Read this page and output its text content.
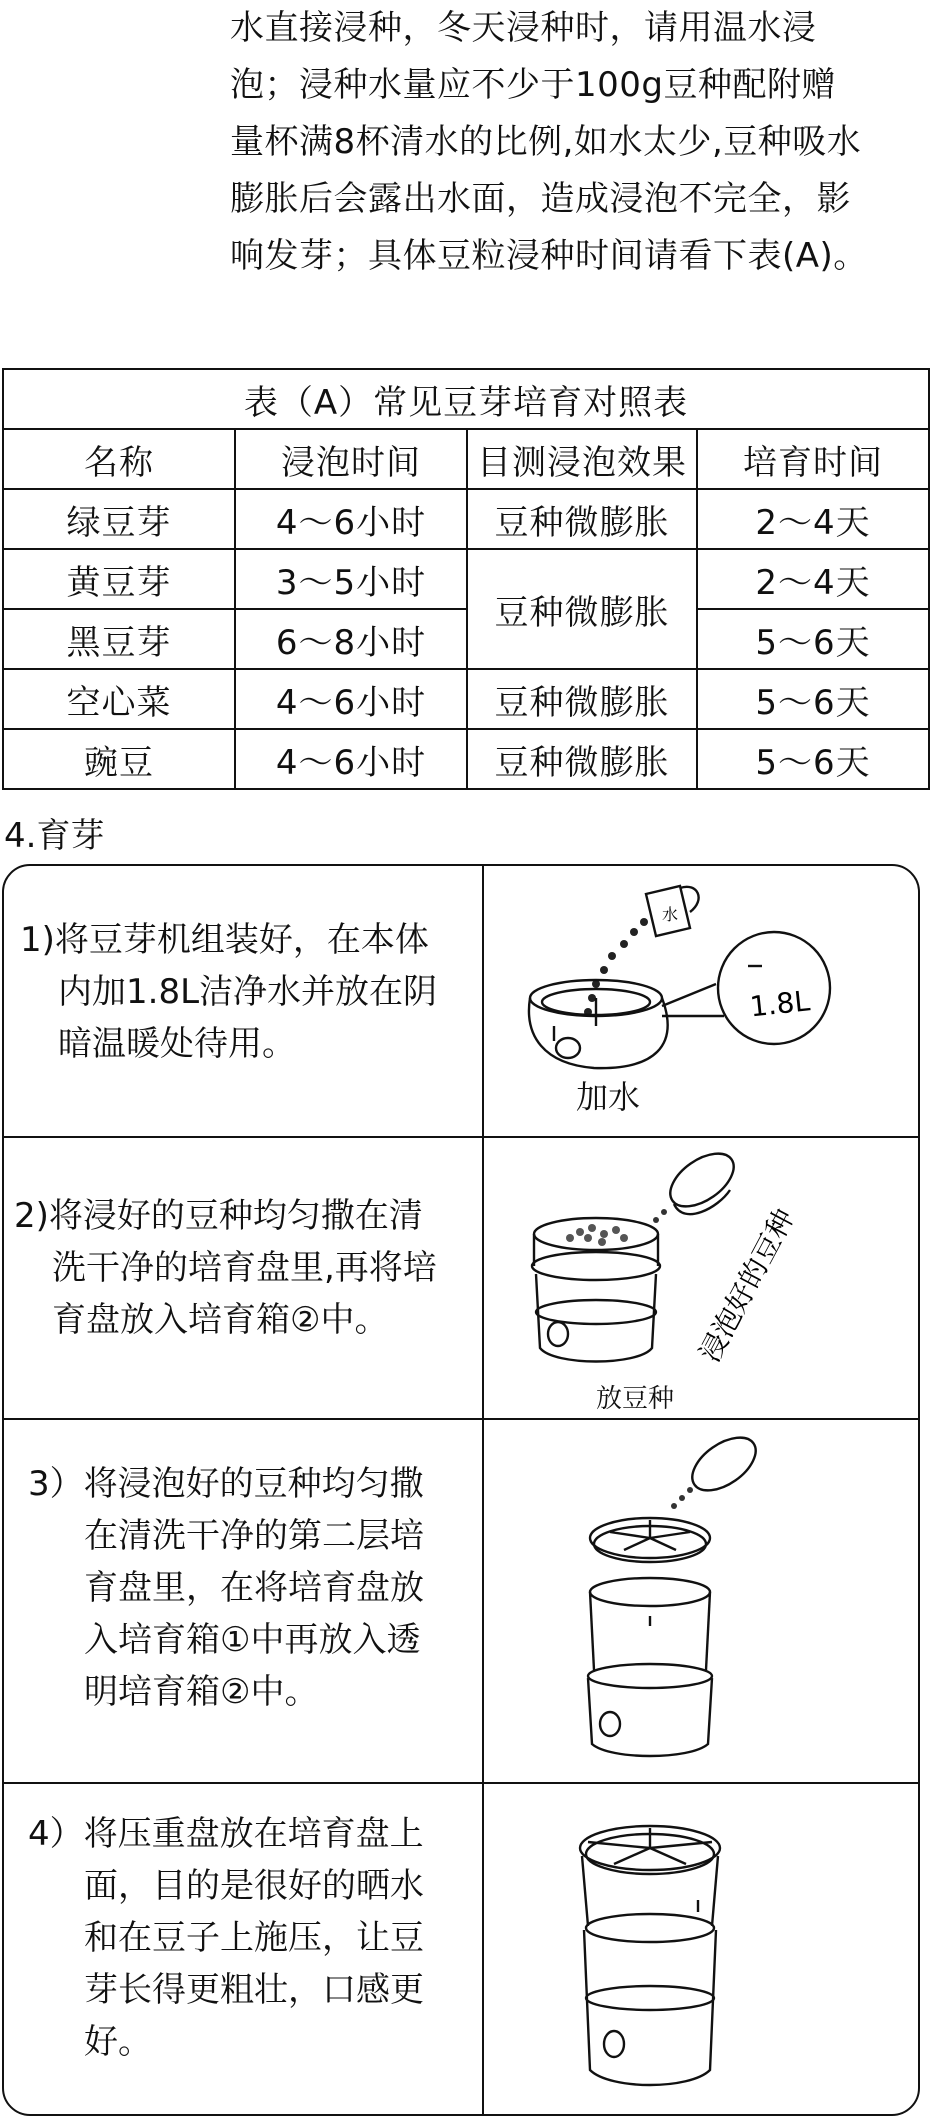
水直接浸种，冬天浸种时，请用温水浸

泡；浸种水量应不少于100g豆种配附赠

量杯满8杯清水的比例,如水太少,豆种吸水

膨胀后会露出水面，造成浸泡不完全，影

响发芽；具体豆粒浸种时间请看下表(A)。

表（A）常见豆芽培育对照表			
名称	浸泡时间	目测浸泡效果	培育时间
绿豆芽	4～6小时	豆种微膨胀	2～4天
黄豆芽	3～5小时	豆种微膨胀	2～4天
黑豆芽	6～8小时		5～6天
空心菜	4～6小时	豆种微膨胀	5～6天
豌豆	4～6小时	豆种微膨胀	5～6天
4.育芽
1)将豆芽机组装好，在本体
内加1.8L洁净水并放在阴
暗温暖处待用。
水
1.8L
加水
2)将浸好的豆种均匀撒在清
洗干净的培育盘里,再将培
育盘放入培育箱②中。	浸泡好的豆种
放豆种
3）将浸泡好的豆种均匀撒
在清洗干净的第二层培
育盘里，在将培育盘放
入培育箱①中再放入透
明培育箱②中。
4）将压重盘放在培育盘上
面，目的是很好的晒水
和在豆子上施压，让豆
芽长得更粗壮，口感更
好。
